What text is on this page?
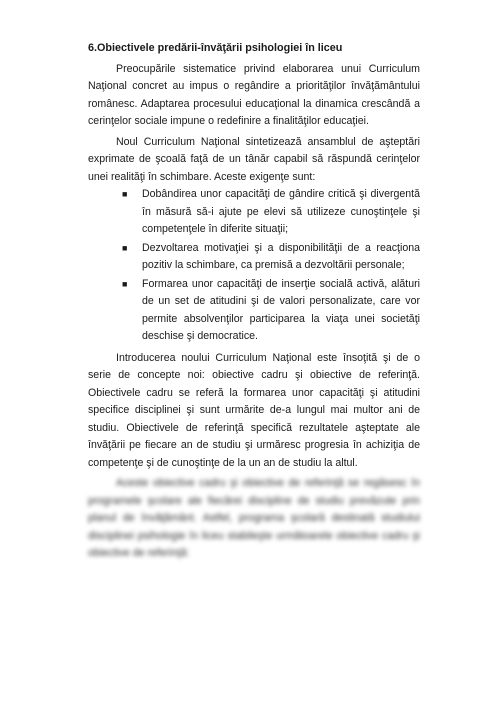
6.Obiectivele predării-învăţării psihologiei în liceu

Preocupările sistematice privind elaborarea unui Curriculum Naţional concret au impus o regândire a priorităţilor învăţământului românesc. Adaptarea procesului educaţional la dinamica crescândă a cerinţelor sociale impune o redefinire a finalităţilor educaţiei.

Noul Curriculum Naţional sintetizează ansamblul de aşteptări exprimate de şcoală faţă de un tânăr capabil să răspundă cerinţelor unei realităţi în schimbare. Aceste exigenţe sunt:

■ Dobândirea unor capacităţi de gândire critică şi divergentă în măsură să-i ajute pe elevi să utilizeze cunoştinţele şi competenţele în diferite situaţii;
■ Dezvoltarea motivaţiei şi a disponibilităţii de a reacţiona pozitiv la schimbare, ca premisă a dezvoltării personale;
■ Formarea unor capacităţi de inserţie socială activă, alături de un set de atitudini şi de valori personalizate, care vor permite absolvenţilor participarea la viaţa unei societăţi deschise şi democratice.

Introducerea noului Curriculum Naţional este însoţită şi de o serie de concepte noi: obiective cadru şi obiective de referinţă. Obiectivele cadru se referă la formarea unor capacităţi şi atitudini specifice disciplinei şi sunt urmărite de-a lungul mai multor ani de studiu. Obiectivele de referinţă specifică rezultatele aşteptate ale învăţării pe fiecare an de studiu şi urmăresc progresia în achiziţia de competenţe şi de cunoştinţe de la un an de studiu la altul.

Aceste obiective cadru şi obiective de referinţă se regăsesc în programele şcolare ale fiecărei discipline de studiu prevăzute prin planul de învăţământ. Astfel, programa şcolară destinată studiului disciplinei psihologie în liceu stabileşte următoarele obiective cadru şi obiective de referinţă:
